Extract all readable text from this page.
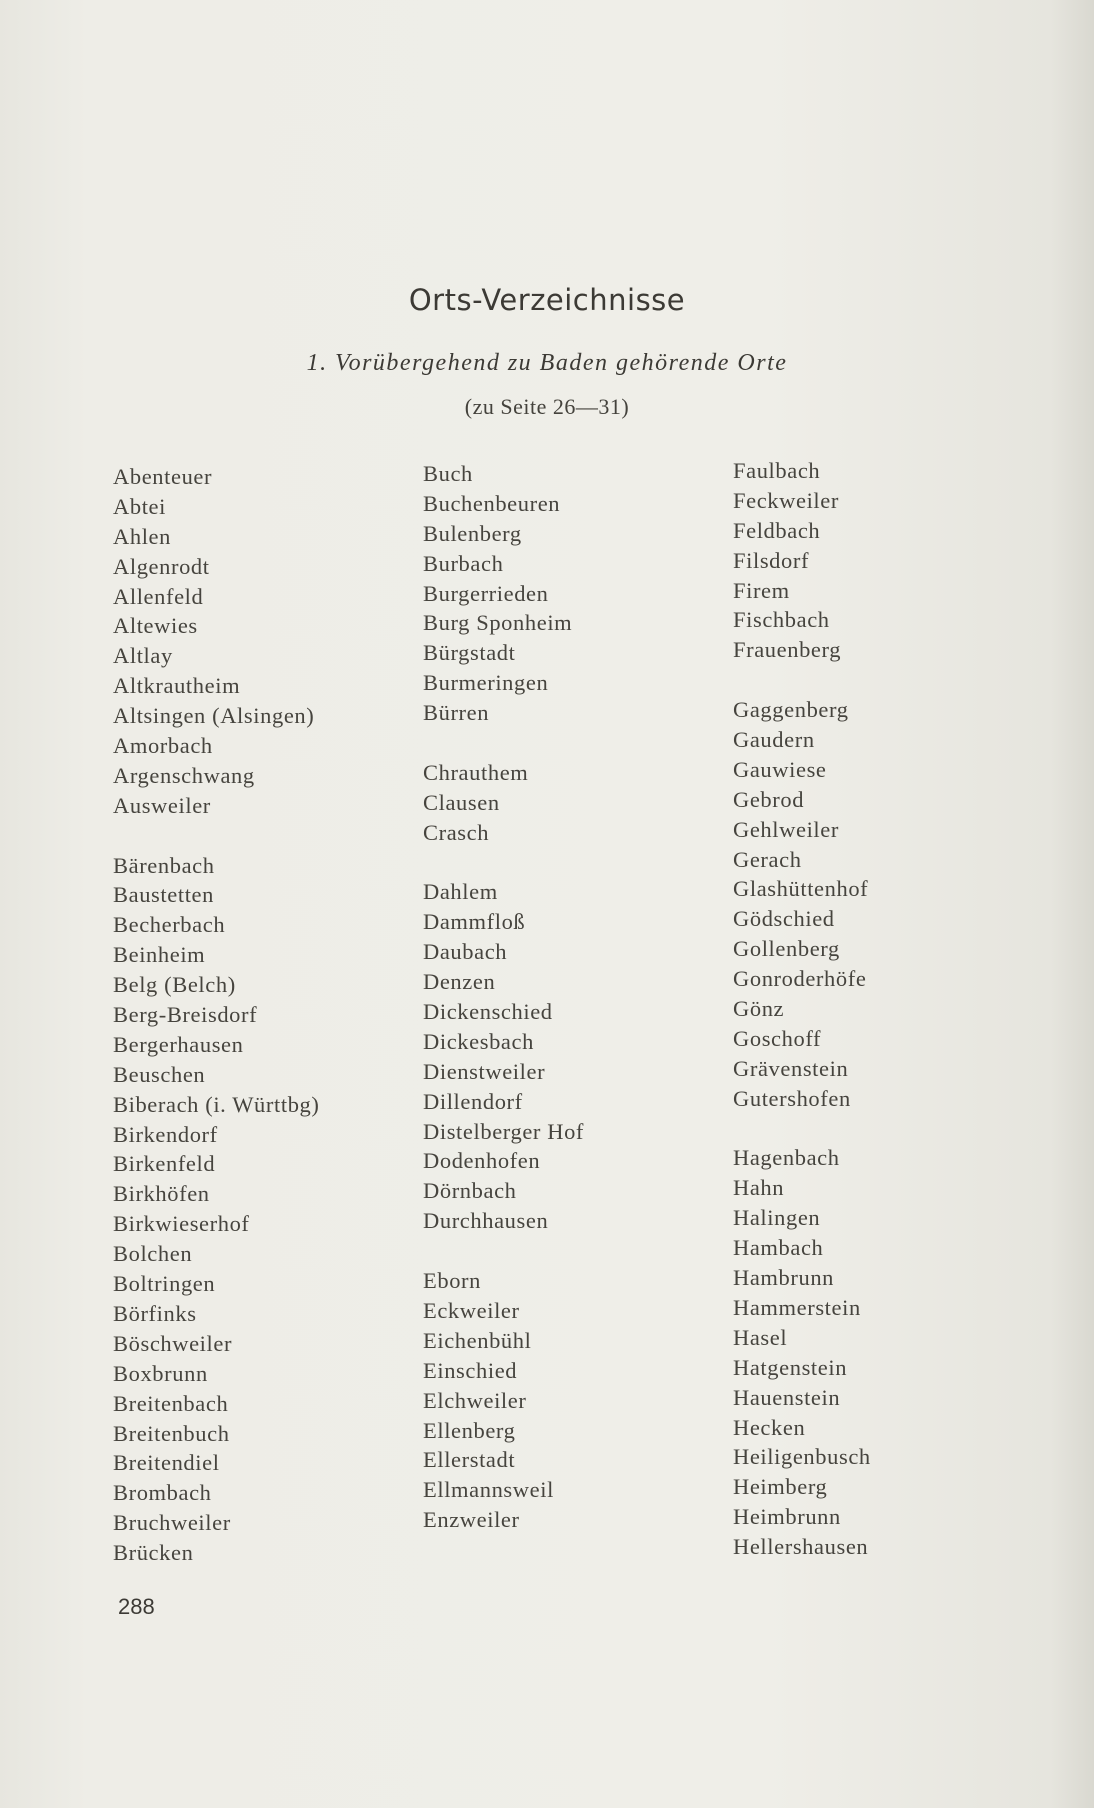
Orts-Verzeichnisse
1. Vorübergehend zu Baden gehörende Orte
(zu Seite 26—31)
Abenteuer
Abtei
Ahlen
Algenrodt
Allenfeld
Altewies
Altlay
Altkrautheim
Altsingen (Alsingen)
Amorbach
Argenschwang
Ausweiler
Bärenbach
Baustetten
Becherbach
Beinheim
Belg (Belch)
Berg-Breisdorf
Bergerhausen
Beuschen
Biberach (i. Württbg)
Birkendorf
Birkenfeld
Birkhöfen
Birkwieserhof
Bolchen
Boltringen
Börfinks
Böschweiler
Boxbrunn
Breitenbach
Breitenbuch
Breitendiel
Brombach
Bruchweiler
Brücken
Buch
Buchenbeuren
Bulenberg
Burbach
Burgerrieden
Burg Sponheim
Bürgstadt
Burmeringen
Bürren
Chrauthem
Clausen
Crasch
Dahlem
Dammfloß
Daubach
Denzen
Dickenschied
Dickesbach
Dienstweiler
Dillendorf
Distelberger Hof
Dodenhofen
Dörnbach
Durchhausen
Eborn
Eckweiler
Eichenbühl
Einschied
Elchweiler
Ellenberg
Ellerstadt
Ellmannsweil
Enzweiler
Faulbach
Feckweiler
Feldbach
Filsdorf
Firem
Fischbach
Frauenberg
Gaggenberg
Gaudern
Gauwiese
Gebrod
Gehlweiler
Gerach
Glashüttenhof
Gödschied
Gollenberg
Gonroderhöfe
Gönz
Goschoff
Grävenstein
Gutershofen
Hagenbach
Hahn
Halingen
Hambach
Hambrunn
Hammerstein
Hasel
Hatgenstein
Hauenstein
Hecken
Heiligenbusch
Heimberg
Heimbrunn
Hellershausen
288
